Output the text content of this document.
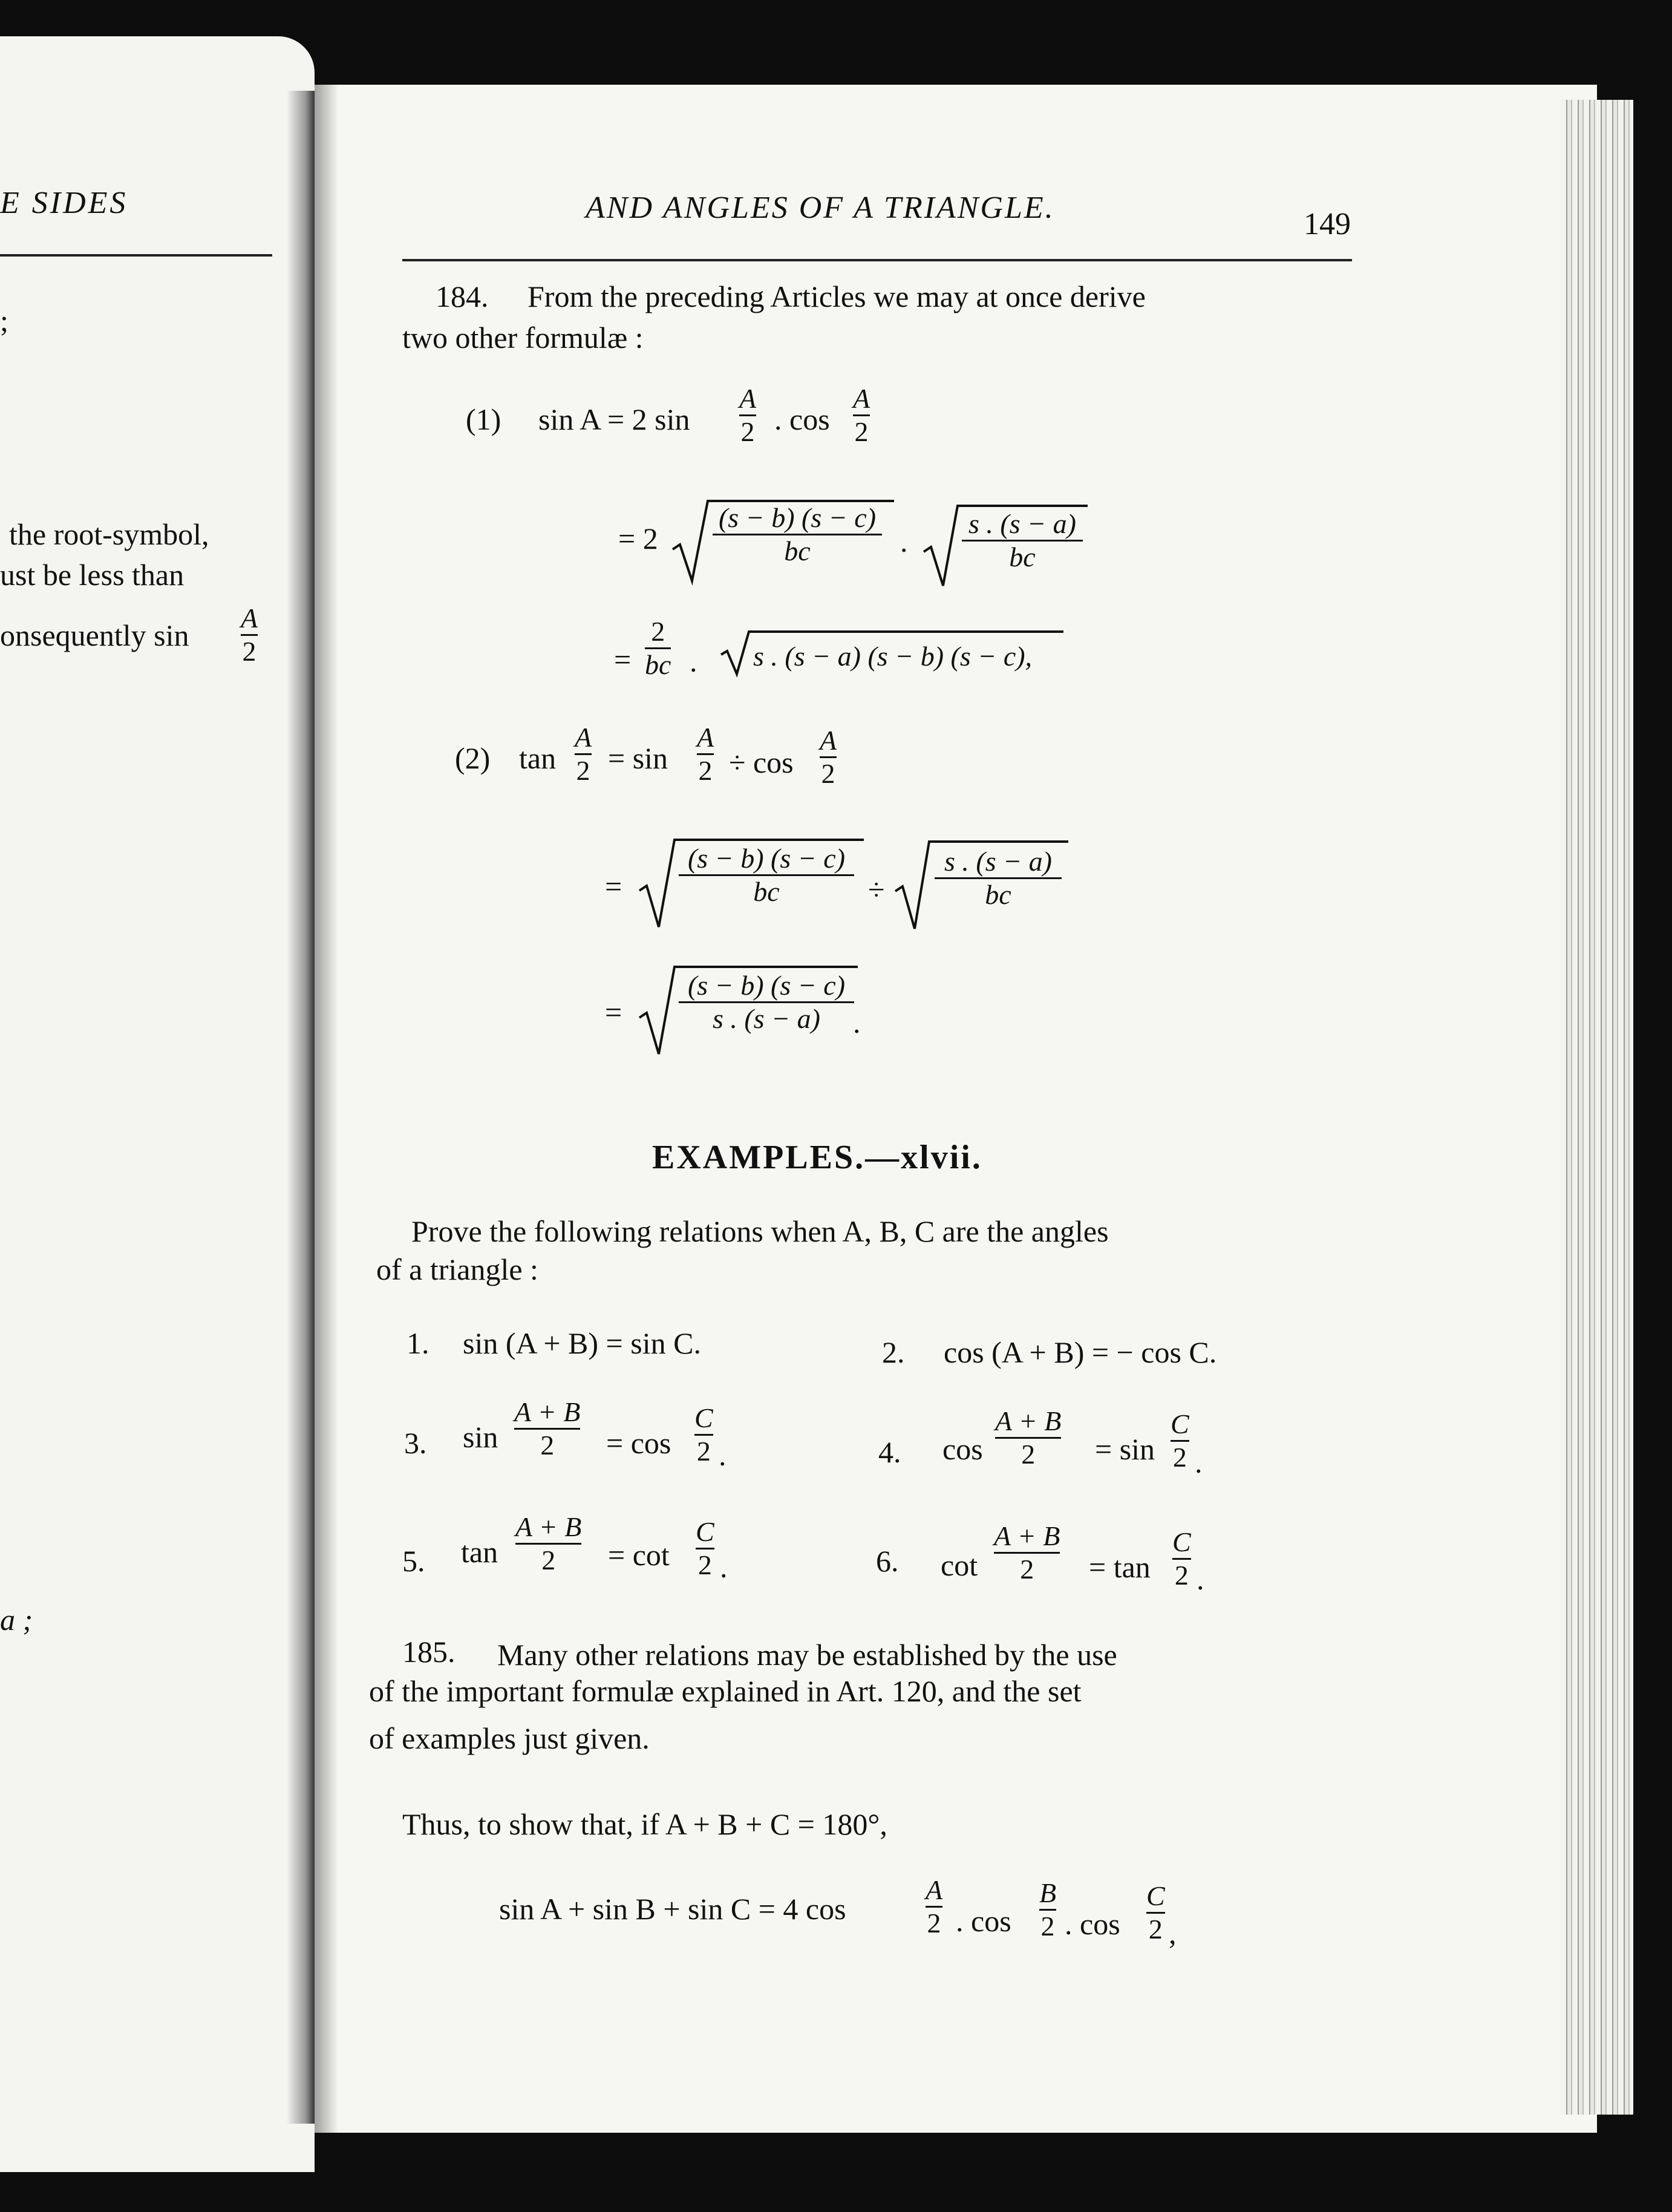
E SIDES
;
the root-symbol,
ust be less than
onsequently sin
A
2
a ;
AND ANGLES OF A TRIANGLE.	149
184. From the preceding Articles we may at once derive
two other formulæ :
(1) sin A = 2 sin
A
2 . cos
A
2
= 2
(s − b) (s − c)
bc	.
s . (s − a)
bc
=
2
bc . s . (s − a) (s − b) (s − c),
(2) tan
A
2 = sin
A
2 ÷ cos
A
2
=
(s − b) (s − c)
bc	÷
s . (s − a)
bc
=
(s − b) (s − c)
s . (s − a) .
EXAMPLES.—xlvii.
Prove the following relations when A, B, C are the angles
of a triangle :
1. sin (A + B) = sin C.	2. cos (A + B) = − cos C.
3. sin
A + B
2 = cos
C
2 .	4. cos
A + B
2 = sin
C
2 .
5. tan
A + B
2 = cot
C
2 .	6. cot
A + B
2 = tan
C
2 .
185. Many other relations may be established by the use
of the important formulæ explained in Art. 120, and the set
of examples just given.
Thus, to show that, if A + B + C = 180°,
sin A + sin B + sin C = 4 cos
A
2 . cos
B
2 . cos
C
2 ,
